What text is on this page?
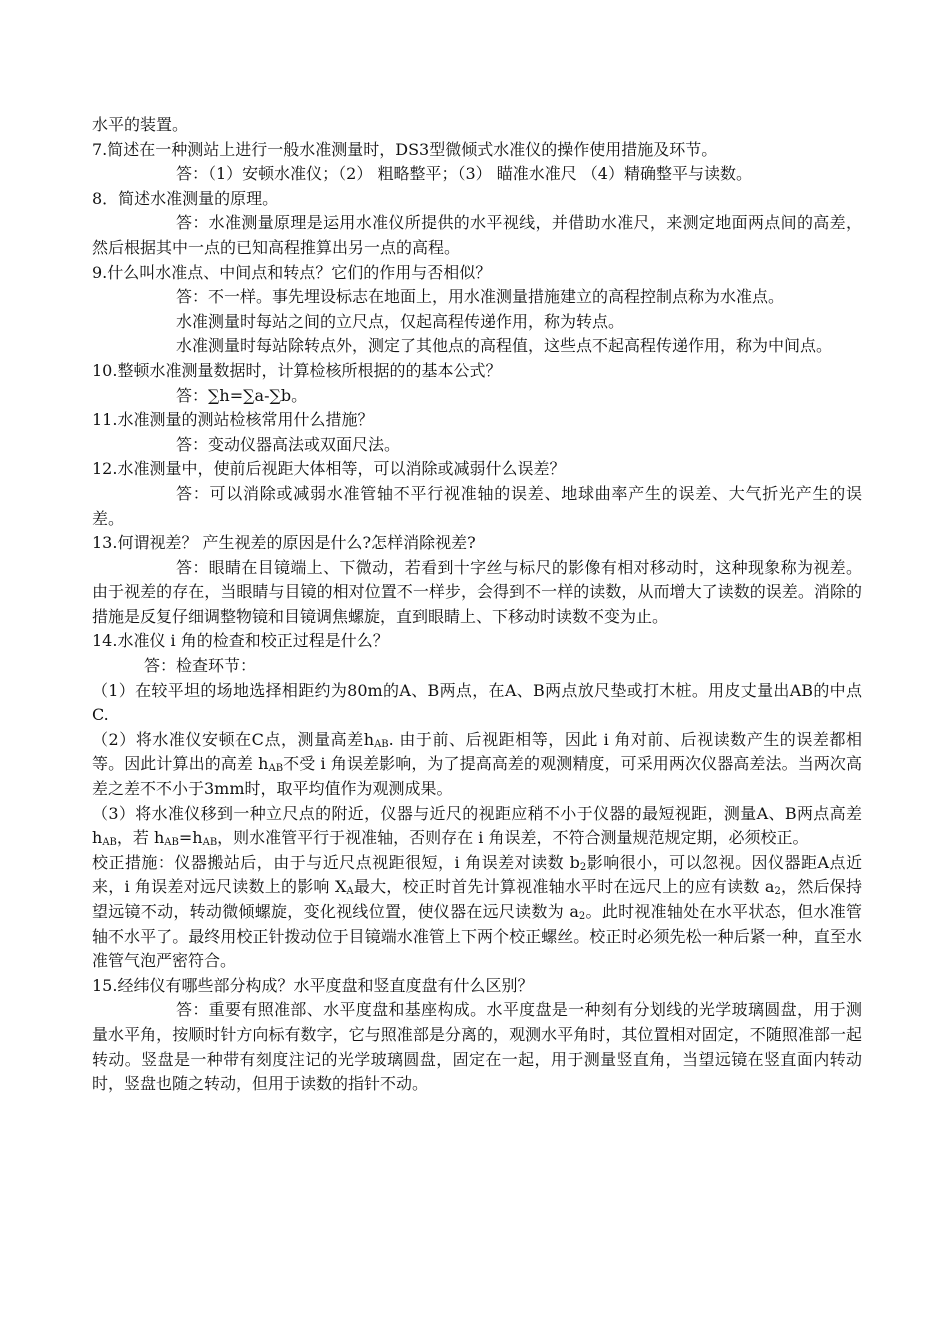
水平的装置。

7.简述在一种测站上进行一般水准测量时，DS3型微倾式水准仪的操作使用措施及环节。

答：（1）安顿水准仪；（2） 粗略整平；（3） 瞄准水准尺 （4）精确整平与读数。

8．简述水准测量的原理。

答：水准测量原理是运用水准仪所提供的水平视线，并借助水准尺，来测定地面两点间的高差，然后根据其中一点的已知高程推算出另一点的高程。

9.什么叫水准点、中间点和转点？它们的作用与否相似？

答：不一样。事先埋设标志在地面上，用水准测量措施建立的高程控制点称为水准点。

水准测量时每站之间的立尺点，仅起高程传递作用，称为转点。

水准测量时每站除转点外，测定了其他点的高程值，这些点不起高程传递作用，称为中间点。

10.整顿水准测量数据时，计算检核所根据的的基本公式？

答：∑h=∑a-∑b。

11.水准测量的测站检核常用什么措施？

答：变动仪器高法或双面尺法。

12.水准测量中，使前后视距大体相等，可以消除或减弱什么误差？

答：可以消除或减弱水准管轴不平行视准轴的误差、地球曲率产生的误差、大气折光产生的误差。

13.何谓视差？ 产生视差的原因是什么?怎样消除视差?

答：眼睛在目镜端上、下微动，若看到十字丝与标尺的影像有相对移动时，这种现象称为视差。由于视差的存在，当眼睛与目镜的相对位置不一样步，会得到不一样的读数，从而增大了读数的误差。消除的措施是反复仔细调整物镜和目镜调焦螺旋，直到眼睛上、下移动时读数不变为止。

14.水准仪 i 角的检查和校正过程是什么？

答：检查环节：

（1）在较平坦的场地选择相距约为80m的A、B两点，在A、B两点放尺垫或打木桩。用皮丈量出AB的中点C.

（2）将水准仪安顿在C点，测量高差$h_{AB}$. 由于前、后视距相等，因此 i 角对前、后视读数产生的误差都相等。因此计算出的高差 $h_{AB}$不受 i 角误差影响，为了提高高差的观测精度，可采用两次仪器高差法。当两次高差之差不不小于3mm时，取平均值作为观测成果。

（3）将水准仪移到一种立尺点的附近，仪器与近尺的视距应稍不小于仪器的最短视距，测量A、B两点高差 $h_{AB}$，若 $h_{AB}=h_{AB}$，则水准管平行于视准轴，否则存在 i 角误差，不符合测量规范规定期，必须校正。

校正措施：仪器搬站后，由于与近尺点视距很短，i 角误差对读数 $b_2$影响很小，可以忽视。因仪器距A点近来，i 角误差对远尺读数上的影响 $X_A$最大，校正时首先计算视准轴水平时在远尺上的应有读数 $a_2$，然后保持望远镜不动，转动微倾螺旋，变化视线位置，使仪器在远尺读数为 $a_2$。此时视准轴处在水平状态，但水准管轴不水平了。最终用校正针拨动位于目镜端水准管上下两个校正螺丝。校正时必须先松一种后紧一种，直至水准管气泡严密符合。

15.经纬仪有哪些部分构成？水平度盘和竖直度盘有什么区别？

答：重要有照准部、水平度盘和基座构成。水平度盘是一种刻有分划线的光学玻璃圆盘，用于测量水平角，按顺时针方向标有数字，它与照准部是分离的，观测水平角时，其位置相对固定，不随照准部一起转动。竖盘是一种带有刻度注记的光学玻璃圆盘，固定在一起，用于测量竖直角，当望远镜在竖直面内转动时，竖盘也随之转动，但用于读数的指针不动。
